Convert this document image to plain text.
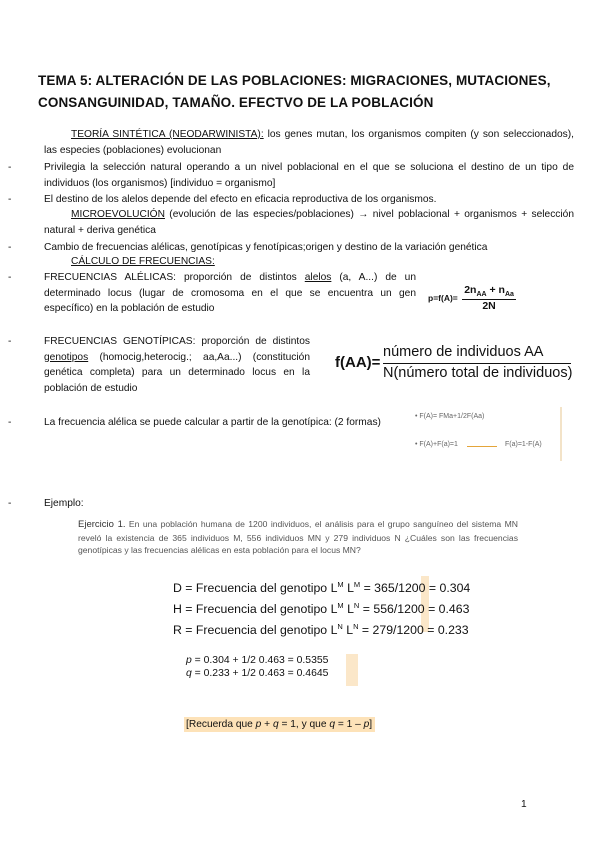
TEMA 5: ALTERACIÓN DE LAS POBLACIONES: MIGRACIONES, MUTACIONES,
CONSANGUINIDAD, TAMAÑO. EFECTVO DE LA POBLACIÓN
TEORÍA SINTÉTICA (NEODARWINISTA): los genes mutan, los organismos compiten (y son seleccionados), las especies (poblaciones) evolucionan
-	Privilegia la selección natural operando a un nivel poblacional en el que se soluciona el destino de un tipo de individuos (los organismos) [individuo = organismo]
-	El destino de los alelos depende del efecto en eficacia reproductiva de los organismos.
MICROEVOLUCIÓN (evolución de las especies/poblaciones) → nivel poblacional + organismos + selección natural + deriva genética
-	Cambio de frecuencias alélicas, genotípicas y fenotípicas;origen y destino de la variación genética
CÁLCULO DE FRECUENCIAS:
-	FRECUENCIAS ALÉLICAS: proporción de distintos alelos (a, A...) de un determinado locus (lugar de cromosoma en el que se encuentra un gen específico) en la población de estudio
$p=f(A)= \frac{2n_{AA} + n_{Aa}}{2N}$
-	FRECUENCIAS GENOTÍPICAS: proporción de distintos genotipos (homocig,heterocig.; aa,Aa...) (constitución genética completa) para un determinado locus en la población de estudio
f(AA)=
número de individuos AA
N(número total de individuos)
-	La frecuencia alélica se puede calcular a partir de la genotípica: (2 formas)
• F(A)= FMa+1/2F(Aa)
• F(A)+F(a)=1	F(a)=1-F(A)
-	Ejemplo:
Ejercicio 1. En una población humana de 1200 individuos, el análisis para el grupo sanguíneo del sistema MN reveló la existencia de 365 individuos M, 556 individuos MN y 279 individuos N ¿Cuáles son las frecuencias genotípicas y las frecuencias alélicas en esta población para el locus MN?
D = Frecuencia del genotipo $L^M$ $L^M = 365/1200 = 0.304$
H = Frecuencia del genotipo $L^M$ $L^N = 556/1200 = 0.463$
R = Frecuencia del genotipo $L^N$ $L^N = 279/1200 = 0.233$
p = 0.304 + 1/2 0.463 = 0.5355
q = 0.233 + 1/2 0.463 = 0.4645
[Recuerda que p + q = 1, y que q = 1 – p]
1
